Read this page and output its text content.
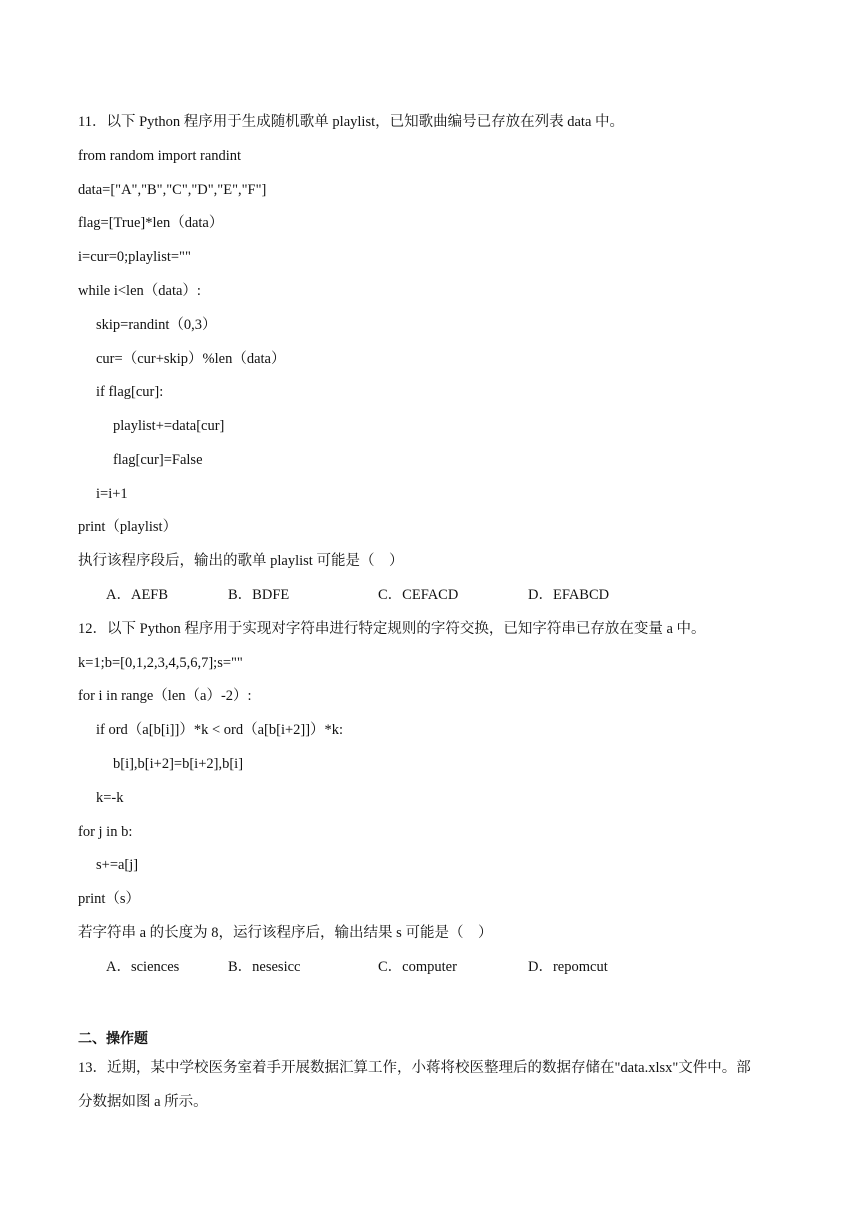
11．以下 Python 程序用于生成随机歌单 playlist，已知歌曲编号已存放在列表 data 中。
from random import randint
data=["A","B","C","D","E","F"]
flag=[True]*len（data）
i=cur=0;playlist=""
while i<len（data）:
skip=randint（0,3）
cur=（cur+skip）%len（data）
if flag[cur]:
playlist+=data[cur]
flag[cur]=False
i=i+1
print（playlist）
执行该程序段后，输出的歌单 playlist 可能是（    ）

A．AEFB

	B．BDFE

	C．CEFACD

	D．EFABCD

12．以下 Python 程序用于实现对字符串进行特定规则的字符交换，已知字符串已存放在变量 a 中。
k=1;b=[0,1,2,3,4,5,6,7];s=""
for i in range（len（a）-2）:
if ord（a[b[i]]）*k < ord（a[b[i+2]]）*k:
b[i],b[i+2]=b[i+2],b[i]
k=-k
for j in b:
s+=a[j]
print（s）
若字符串 a 的长度为 8，运行该程序后，输出结果 s 可能是（    ）

A．sciences

	B．nesesicc

	C．computer

	D．repomcut

二、操作题
13．近期，某中学校医务室着手开展数据汇算工作，小蒋将校医整理后的数据存储在"data.xlsx"文件中。部
分数据如图 a 所示。
